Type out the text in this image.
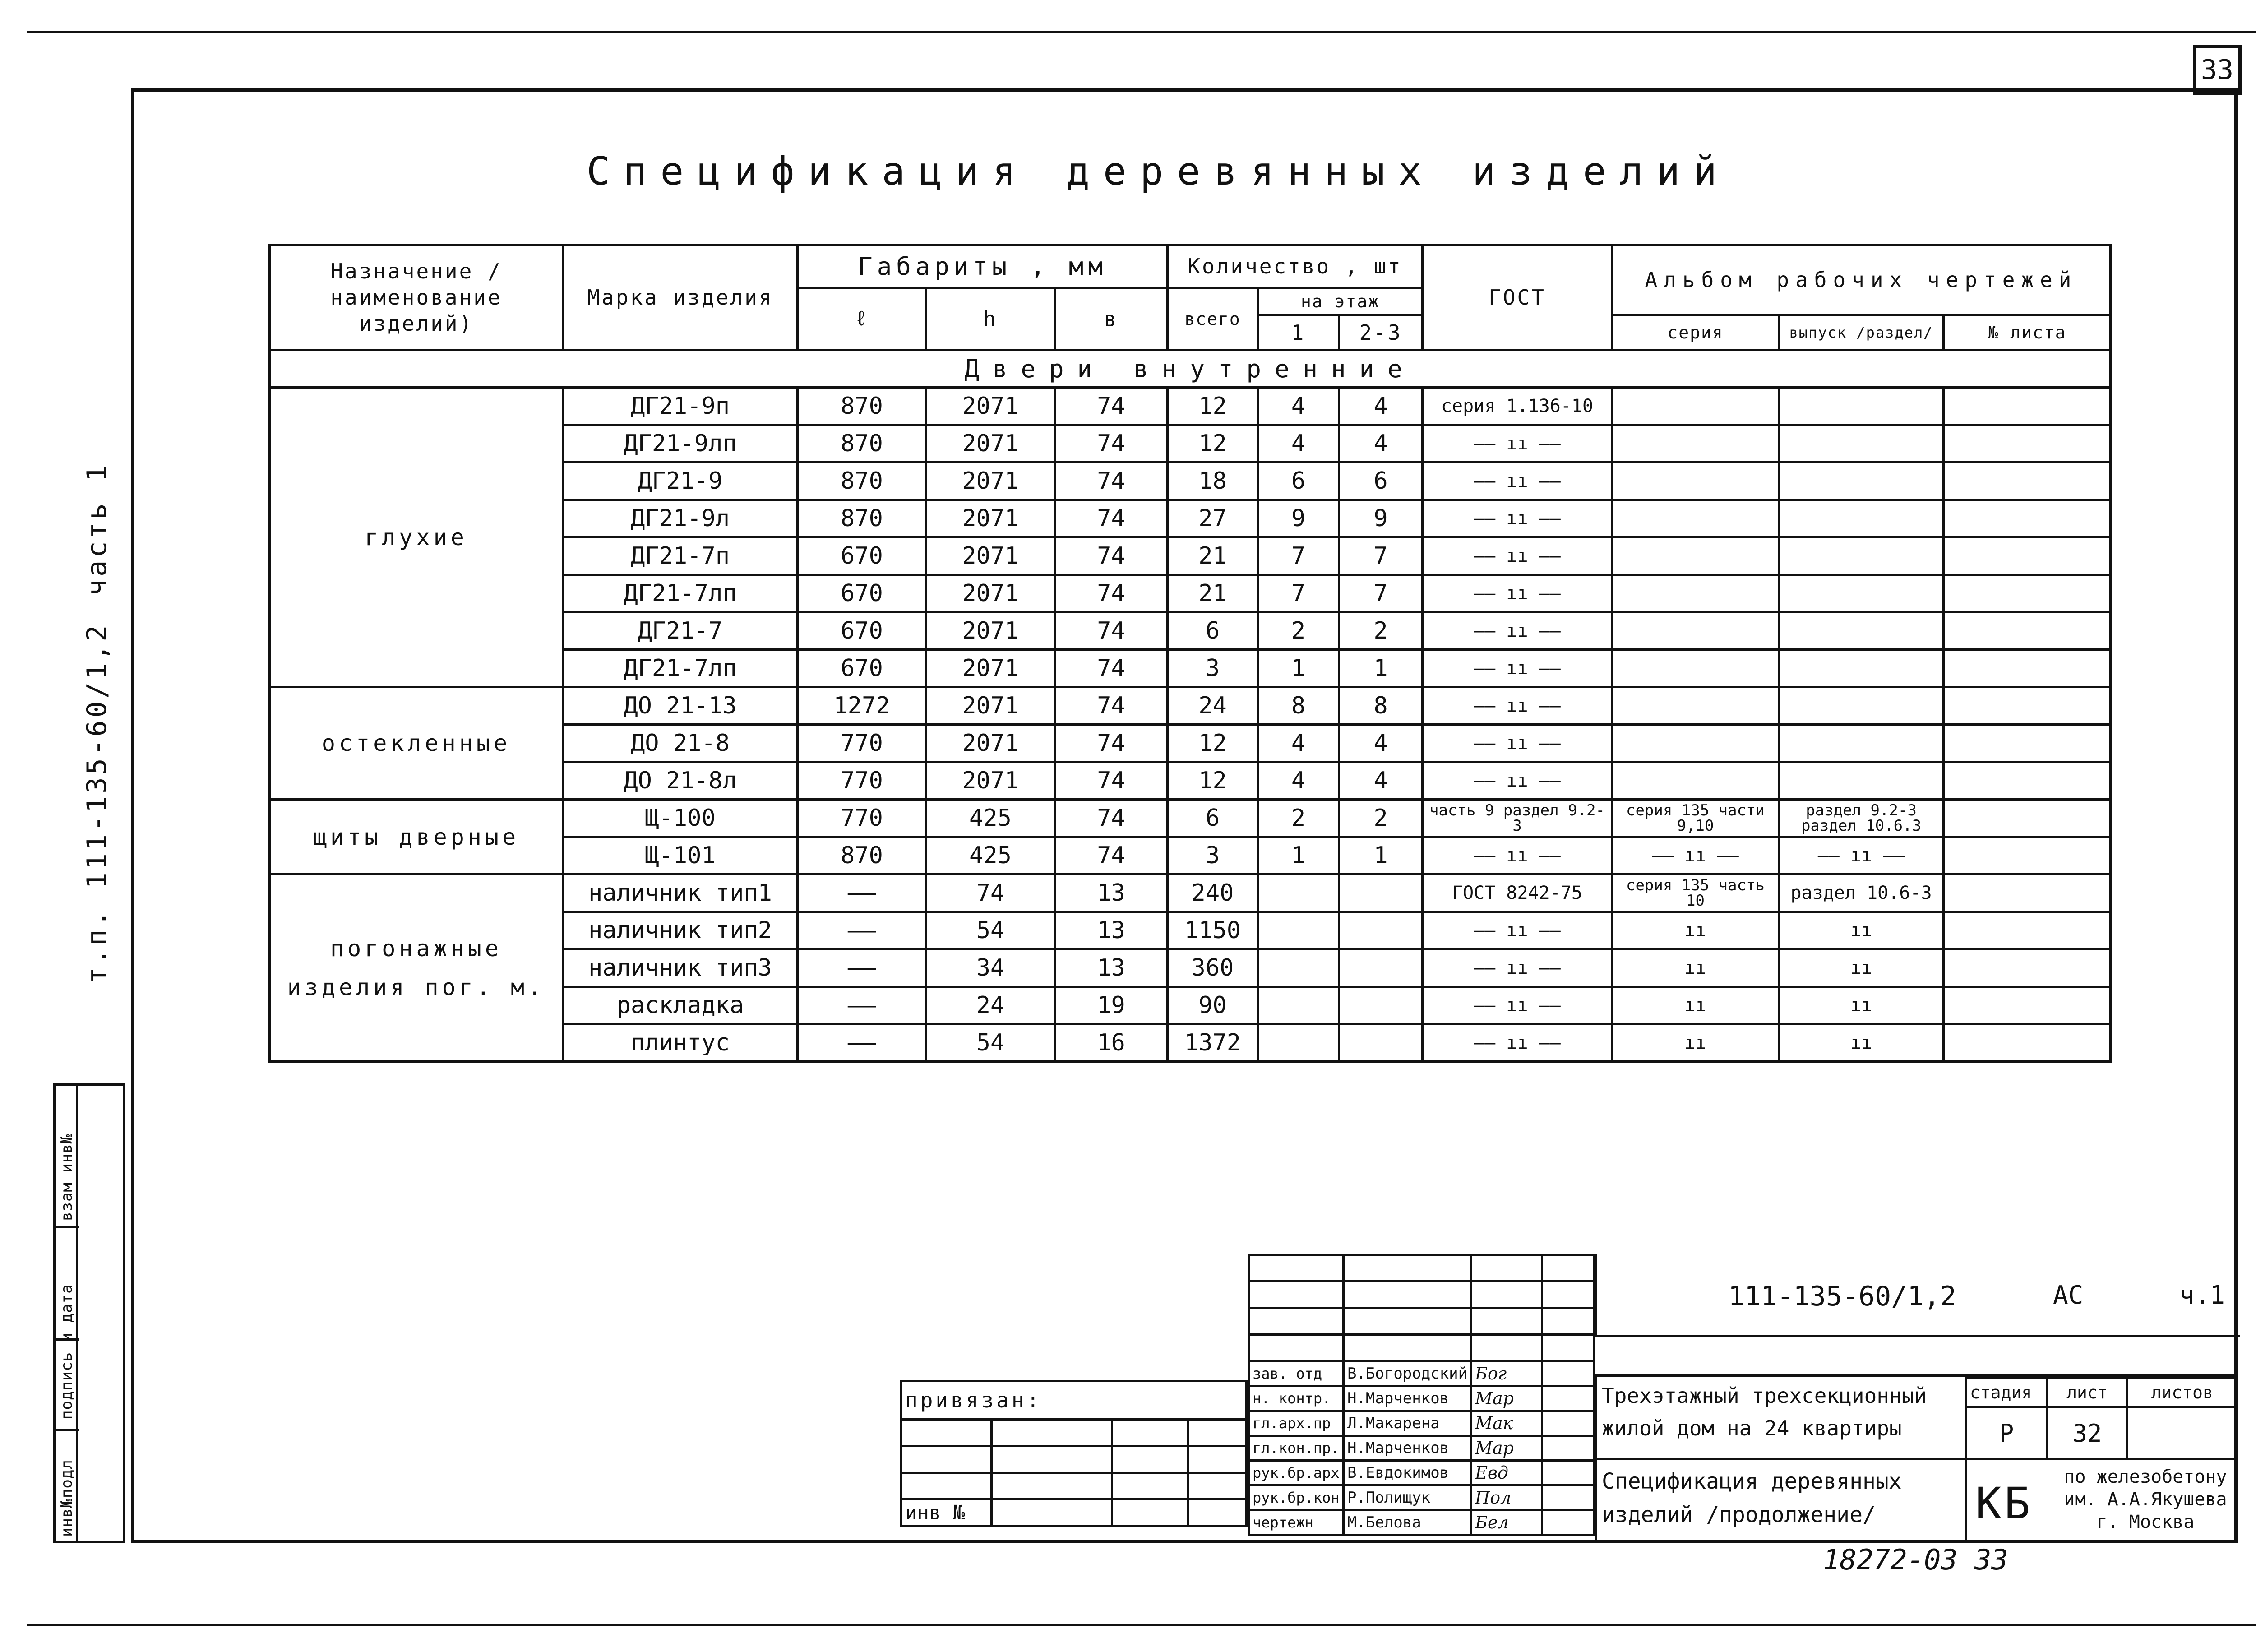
33
Спецификация деревянных изделий
часть 1
т.п. 111-135-60/1,2
инв№подл
подпись и дата
взам инв№
Назначение /наименование изделий)	Марка изделия	Габариты , мм			Количество , шт			ГОСТ	Альбом рабочих чертежей		
		ℓ	h	в	всего	на этаж					
						1	2-3		серия	выпуск /раздел/	№ листа
Двери внутренние											
глухие	ДГ21-9п	870	2071	74	12	4	4	серия 1.136-10			
	ДГ21-9лп	870	2071	74	12	4	4	—— ıı ——			
	ДГ21-9	870	2071	74	18	6	6	—— ıı ——			
	ДГ21-9л	870	2071	74	27	9	9	—— ıı ——			
	ДГ21-7п	670	2071	74	21	7	7	—— ıı ——			
	ДГ21-7лп	670	2071	74	21	7	7	—— ıı ——			
	ДГ21-7	670	2071	74	6	2	2	—— ıı ——			
	ДГ21-7лп	670	2071	74	3	1	1	—— ıı ——			
остекленные	ДО 21-13	1272	2071	74	24	8	8	—— ıı ——			
	ДО 21-8	770	2071	74	12	4	4	—— ıı ——			
	ДО 21-8л	770	2071	74	12	4	4	—— ıı ——			
щиты дверные	Щ-100	770	425	74	6	2	2	часть 9 раздел 9.2-3	серия 135 части 9,10	раздел 9.2-3 раздел 10.6.3	
	Щ-101	870	425	74	3	1	1	—— ıı ——	—— ıı ——	—— ıı ——	
погонажные изделия пог. м.	наличник тип1	——	74	13	240			ГОСТ 8242-75	серия 135 часть 10	раздел 10.6-3	
	наличник тип2	——	54	13	1150			—— ıı ——	ıı	ıı	
	наличник тип3	——	34	13	360			—— ıı ——	ıı	ıı	
	раскладка	——	24	19	90			—— ıı ——	ıı	ıı	
	плинтус	——	54	16	1372			—— ıı ——	ıı	ıı	

зав. отд	В.Богородский	Бог	
н. контр.	Н.Марченков	Мар	
гл.арх.пр	Л.Макарена	Мак	
гл.кон.пр.	Н.Марченков	Мар	
рук.бр.арх	В.Евдокимов	Евд	
рук.бр.кон	Р.Полищук	Пол	
чертежн	М.Белова	Бел	
привязан:			

инв №			
111-135-60/1,2	АС	ч.1
Трехэтажный трехсекционный жилой дом на 24 квартиры
Спецификация деревянных изделий /продолжение/
стадия	лист	листов
Р	32	
КБ
по железобетону им. А.А.Якушева г. Москва
18272-03 33
